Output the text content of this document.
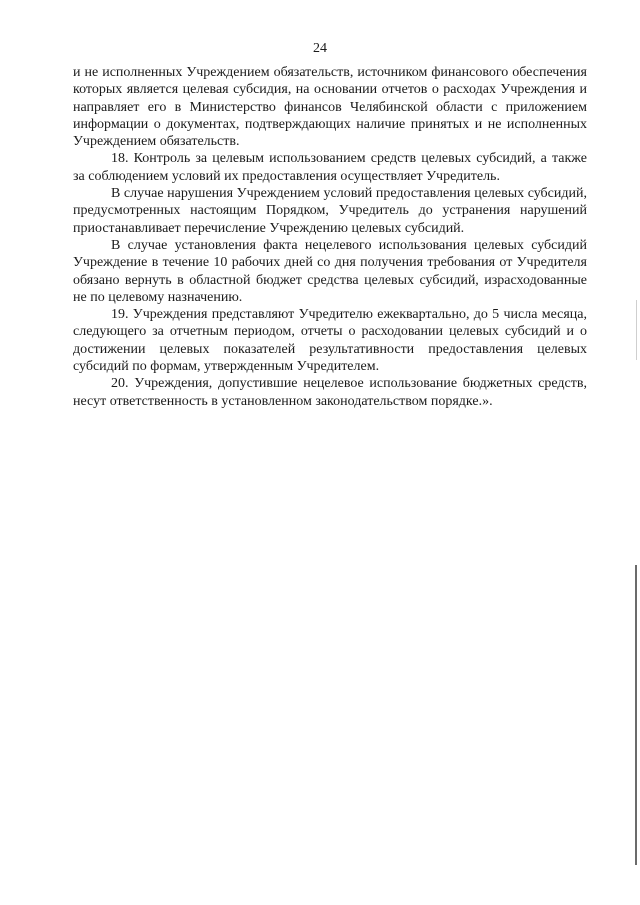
24

и не исполненных Учреждением обязательств, источником финансового обеспечения которых является целевая субсидия, на основании отчетов о расходах Учреждения и направляет его в Министерство финансов Челябинской области с приложением информации о документах, подтверждающих наличие принятых и не исполненных Учреждением обязательств.

18. Контроль за целевым использованием средств целевых субсидий, а также за соблюдением условий их предоставления осуществляет Учредитель.

В случае нарушения Учреждением условий предоставления целевых субсидий, предусмотренных настоящим Порядком, Учредитель до устранения нарушений приостанавливает перечисление Учреждению целевых субсидий.

В случае установления факта нецелевого использования целевых субсидий Учреждение в течение 10 рабочих дней со дня получения требования от Учредителя обязано вернуть в областной бюджет средства целевых субсидий, израсходованные не по целевому назначению.

19. Учреждения представляют Учредителю ежеквартально, до 5 числа месяца, следующего за отчетным периодом, отчеты о расходовании целевых субсидий и о достижении целевых показателей результативности предоставления целевых субсидий по формам, утвержденным Учредителем.

20. Учреждения, допустившие нецелевое использование бюджетных средств, несут ответственность в установленном законодательством порядке.».
